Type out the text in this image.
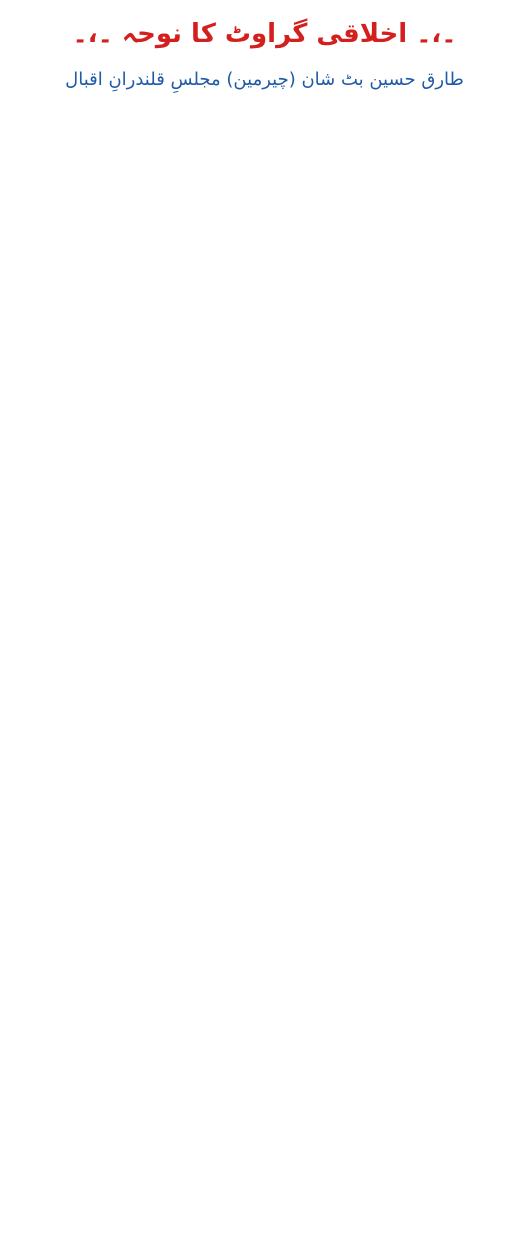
۔،۔ اخلاقی گراوٹ کا نوحہ ۔،۔
طارق حسین بٹ شان (چیرمین) مجلسِ قلندرانِ اقبال
